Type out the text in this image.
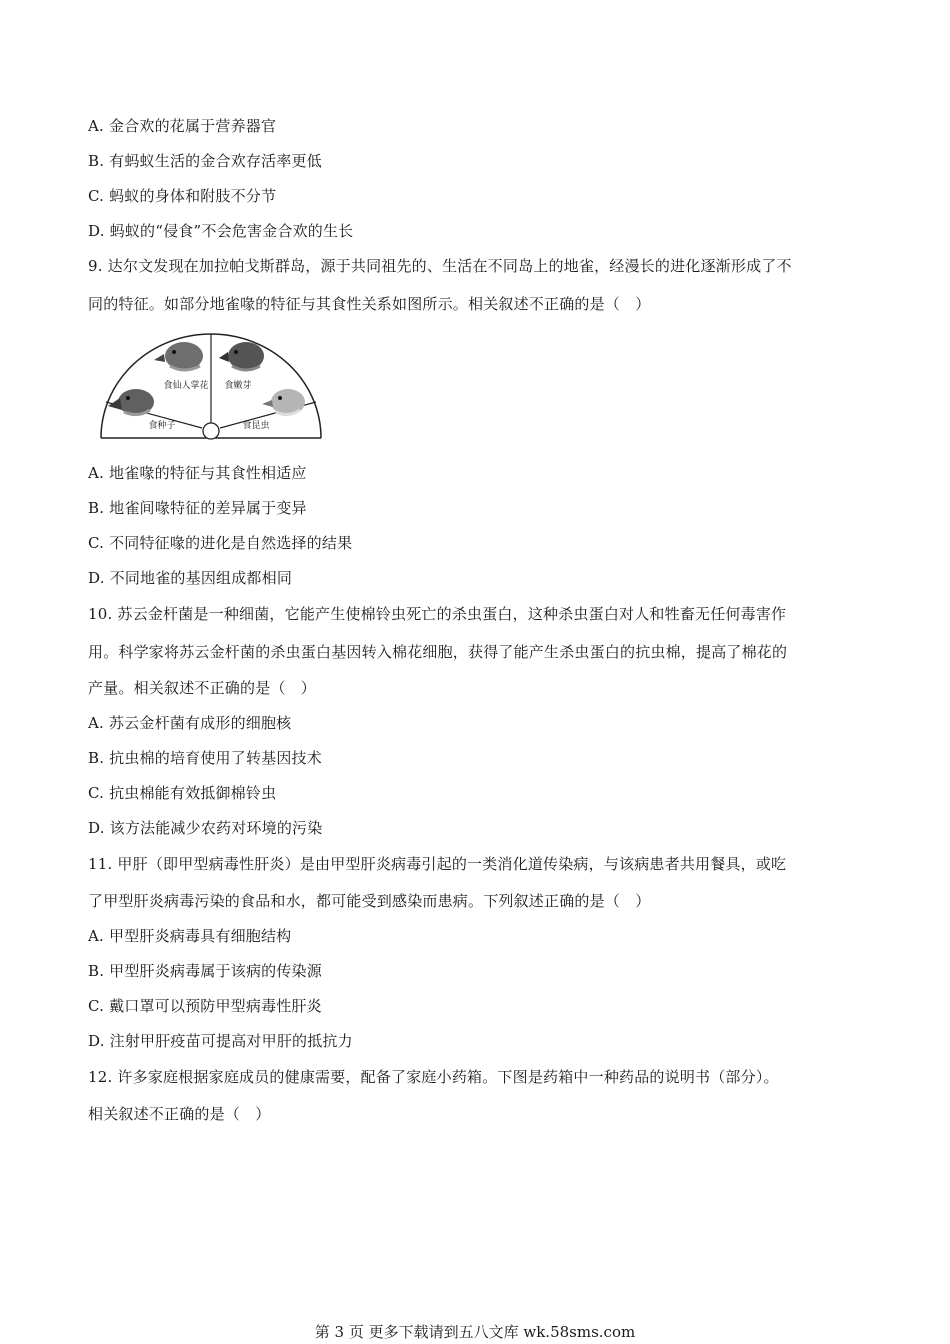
A. 金合欢的花属于营养器官
B. 有蚂蚁生活的金合欢存活率更低
C. 蚂蚁的身体和附肢不分节
D. 蚂蚁的“侵食”不会危害金合欢的生长
9. 达尔文发现在加拉帕戈斯群岛，源于共同祖先的、生活在不同岛上的地雀，经漫长的进化逐渐形成了不
同的特征。如部分地雀喙的特征与其食性关系如图所示。相关叙述不正确的是（　）
食仙人掌花 食嫩芽
食种子	食昆虫
A. 地雀喙的特征与其食性相适应
B. 地雀间喙特征的差异属于变异
C. 不同特征喙的进化是自然选择的结果
D. 不同地雀的基因组成都相同
10. 苏云金杆菌是一种细菌，它能产生使棉铃虫死亡的杀虫蛋白，这种杀虫蛋白对人和牲畜无任何毒害作
用。科学家将苏云金杆菌的杀虫蛋白基因转入棉花细胞，获得了能产生杀虫蛋白的抗虫棉，提高了棉花的
产量。相关叙述不正确的是（　）
A. 苏云金杆菌有成形的细胞核
B. 抗虫棉的培育使用了转基因技术
C. 抗虫棉能有效抵御棉铃虫
D. 该方法能减少农药对环境的污染
11. 甲肝（即甲型病毒性肝炎）是由甲型肝炎病毒引起的一类消化道传染病，与该病患者共用餐具，或吃
了甲型肝炎病毒污染的食品和水，都可能受到感染而患病。下列叙述正确的是（　）
A. 甲型肝炎病毒具有细胞结构
B. 甲型肝炎病毒属于该病的传染源
C. 戴口罩可以预防甲型病毒性肝炎
D. 注射甲肝疫苗可提高对甲肝的抵抗力
12. 许多家庭根据家庭成员的健康需要，配备了家庭小药箱。下图是药箱中一种药品的说明书（部分）。
相关叙述不正确的是（　）
第 3 页 更多下载请到五八文库 wk.58sms.com
